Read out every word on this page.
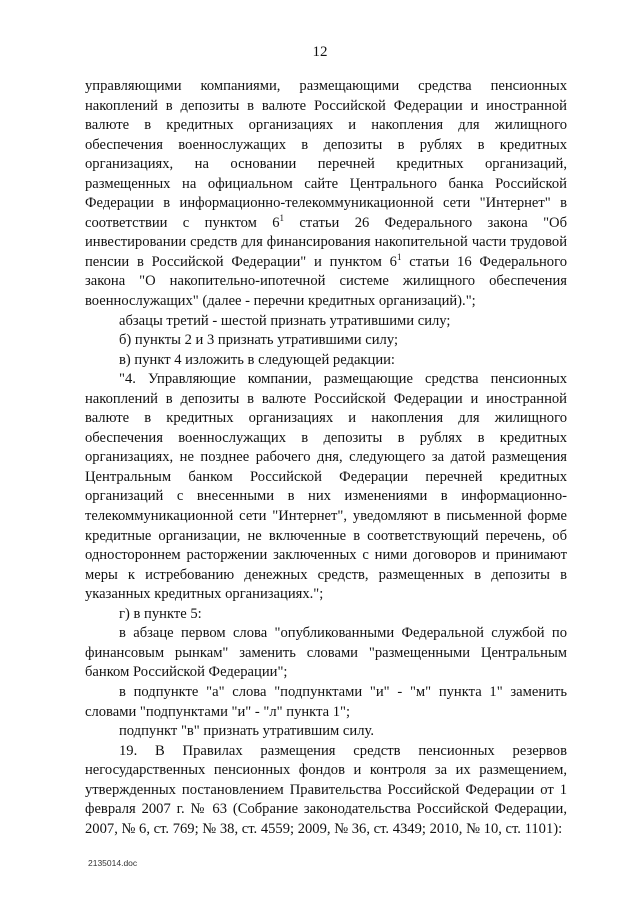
12

управляющими компаниями, размещающими средства пенсионных накоплений в депозиты в валюте Российской Федерации и иностранной валюте в кредитных организациях и накопления для жилищного обеспечения военнослужащих в депозиты в рублях в кредитных организациях, на основании перечней кредитных организаций, размещенных на официальном сайте Центрального банка Российской Федерации в информационно-телекоммуникационной сети "Интернет" в соответствии с пунктом $6^1$ статьи 26 Федерального закона "Об инвестировании средств для финансирования накопительной части трудовой пенсии в Российской Федерации" и пунктом $6^1$ статьи 16 Федерального закона "О накопительно-ипотечной системе жилищного обеспечения военнослужащих" (далее - перечни кредитных организаций).";

абзацы третий - шестой признать утратившими силу;

б) пункты 2 и 3 признать утратившими силу;

в) пункт 4 изложить в следующей редакции:

"4. Управляющие компании, размещающие средства пенсионных накоплений в депозиты в валюте Российской Федерации и иностранной валюте в кредитных организациях и накопления для жилищного обеспечения военнослужащих в депозиты в рублях в кредитных организациях, не позднее рабочего дня, следующего за датой размещения Центральным банком Российской Федерации перечней кредитных организаций с внесенными в них изменениями в информационно-телекоммуникационной сети "Интернет", уведомляют в письменной форме кредитные организации, не включенные в соответствующий перечень, об одностороннем расторжении заключенных с ними договоров и принимают меры к истребованию денежных средств, размещенных в депозиты в указанных кредитных организациях.";

г) в пункте 5:

в абзаце первом слова "опубликованными Федеральной службой по финансовым рынкам" заменить словами "размещенными Центральным банком Российской Федерации";

в подпункте "а" слова "подпунктами "и" - "м" пункта 1" заменить словами "подпунктами "и" - "л" пункта 1";

подпункт "в" признать утратившим силу.

19. В Правилах размещения средств пенсионных резервов негосударственных пенсионных фондов и контроля за их размещением, утвержденных постановлением Правительства Российской Федерации от 1 февраля 2007 г. № 63 (Собрание законодательства Российской Федерации, 2007, № 6, ст. 769; № 38, ст. 4559; 2009, № 36, ст. 4349; 2010, № 10, ст. 1101):

2135014.doc
